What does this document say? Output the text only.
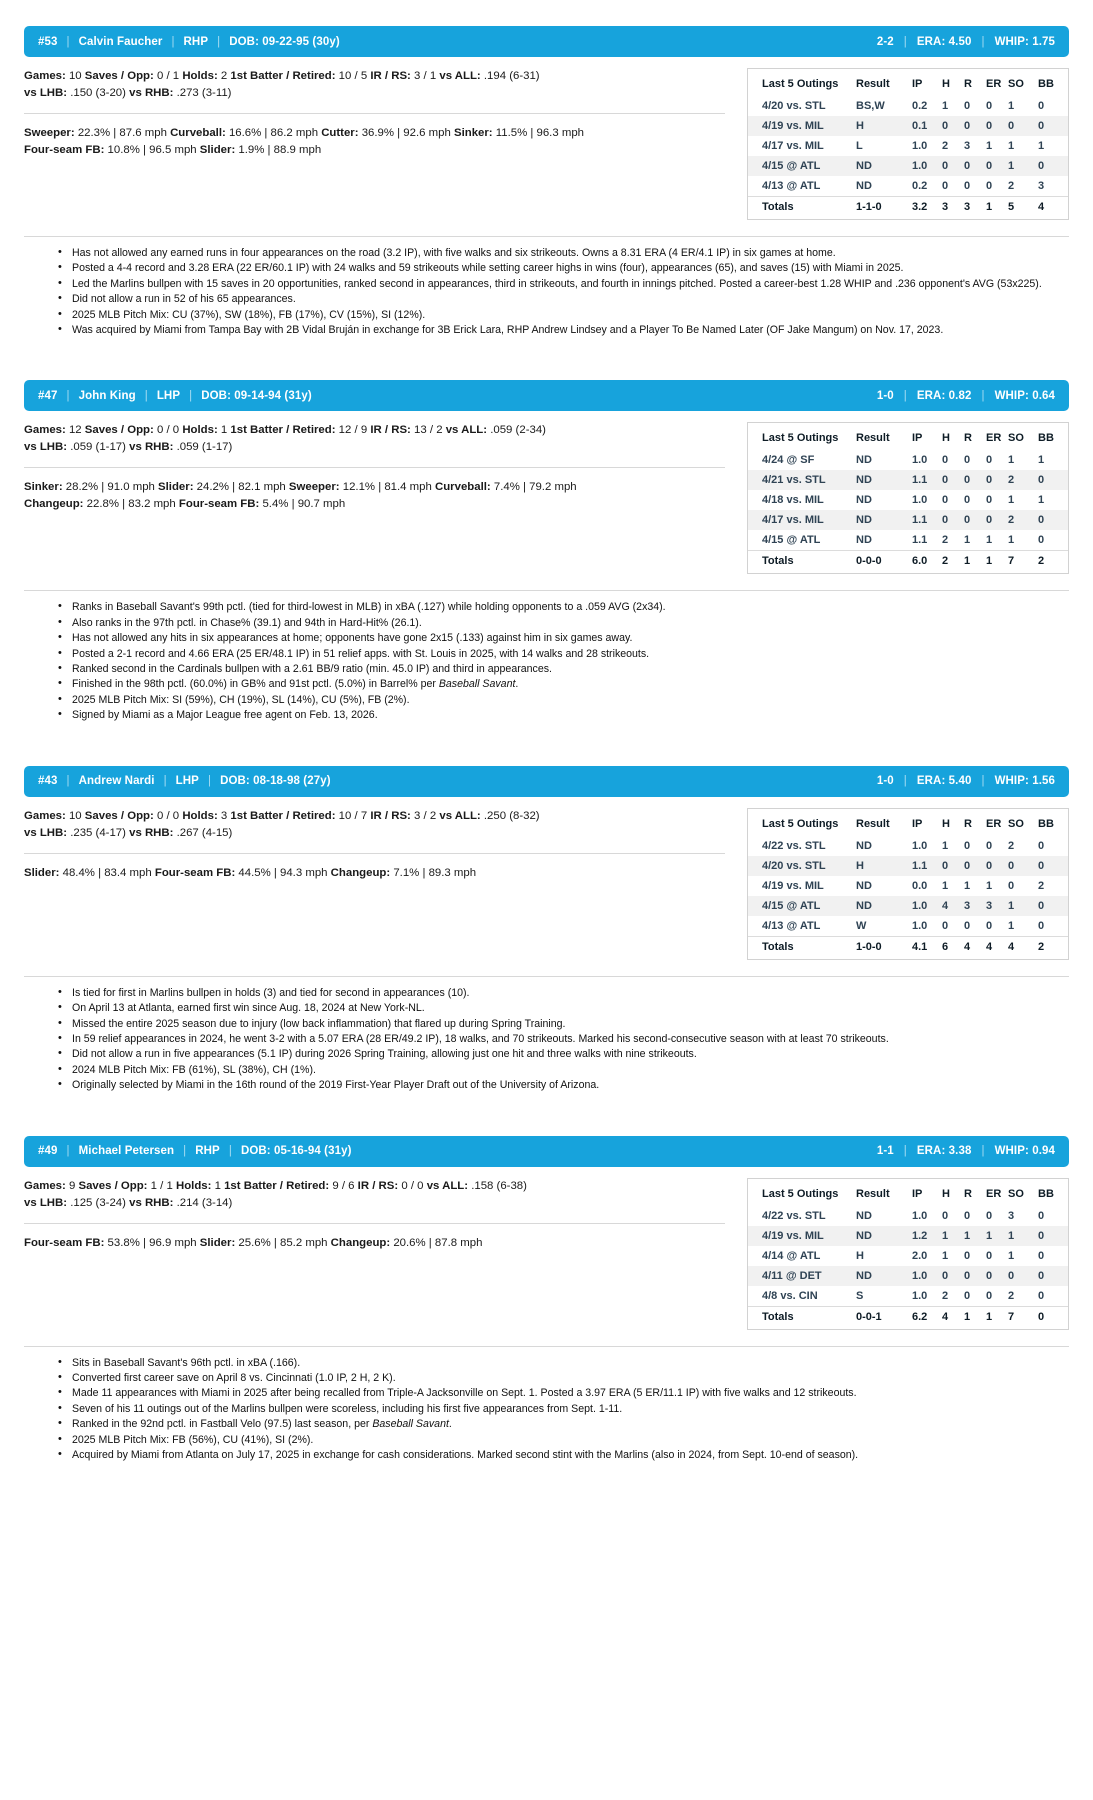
#53 | Calvin Faucher | RHP | DOB: 09-22-95 (30y)	2-2 | ERA: 4.50 | WHIP: 1.75
Games: 10 Saves / Opp: 0 / 1 Holds: 2 1st Batter / Retired: 10 / 5 IR / RS: 3 / 1 vs ALL: .194 (6-31)
vs LHB: .150 (3-20) vs RHB: .273 (3-11)
Sweeper: 22.3% | 87.6 mph Curveball: 16.6% | 86.2 mph Cutter: 36.9% | 92.6 mph Sinker: 11.5% | 96.3 mph
Four-seam FB: 10.8% | 96.5 mph Slider: 1.9% | 88.9 mph
Last 5 Outings	Result	IP	H	R	ER	SO	BB
4/20 vs. STL	BS,W	0.2	1	0	0	1	0
4/19 vs. MIL	H	0.1	0	0	0	0	0
4/17 vs. MIL	L	1.0	2	3	1	1	1
4/15 @ ATL	ND	1.0	0	0	0	1	0
4/13 @ ATL	ND	0.2	0	0	0	2	3
Totals	1-1-0	3.2	3	3	1	5	4
• Has not allowed any earned runs in four appearances on the road (3.2 IP), with five walks and six strikeouts. Owns a 8.31 ERA (4 ER/4.1 IP) in six games at home.
• Posted a 4-4 record and 3.28 ERA (22 ER/60.1 IP) with 24 walks and 59 strikeouts while setting career highs in wins (four), appearances (65), and saves (15) with Miami in 2025.
• Led the Marlins bullpen with 15 saves in 20 opportunities, ranked second in appearances, third in strikeouts, and fourth in innings pitched. Posted a career-best 1.28 WHIP and .236 opponent's AVG (53x225).
• Did not allow a run in 52 of his 65 appearances.
• 2025 MLB Pitch Mix: CU (37%), SW (18%), FB (17%), CV (15%), SI (12%).
• Was acquired by Miami from Tampa Bay with 2B Vidal Bruján in exchange for 3B Erick Lara, RHP Andrew Lindsey and a Player To Be Named Later (OF Jake Mangum) on Nov. 17, 2023.
#47 | John King | LHP | DOB: 09-14-94 (31y)	1-0 | ERA: 0.82 | WHIP: 0.64
Games: 12 Saves / Opp: 0 / 0 Holds: 1 1st Batter / Retired: 12 / 9 IR / RS: 13 / 2 vs ALL: .059 (2-34)
vs LHB: .059 (1-17) vs RHB: .059 (1-17)
Sinker: 28.2% | 91.0 mph Slider: 24.2% | 82.1 mph Sweeper: 12.1% | 81.4 mph Curveball: 7.4% | 79.2 mph
Changeup: 22.8% | 83.2 mph Four-seam FB: 5.4% | 90.7 mph
Last 5 Outings	Result	IP	H	R	ER	SO	BB
4/24 @ SF	ND	1.0	0	0	0	1	1
4/21 vs. STL	ND	1.1	0	0	0	2	0
4/18 vs. MIL	ND	1.0	0	0	0	1	1
4/17 vs. MIL	ND	1.1	0	0	0	2	0
4/15 @ ATL	ND	1.1	2	1	1	1	0
Totals	0-0-0	6.0	2	1	1	7	2
• Ranks in Baseball Savant's 99th pctl. (tied for third-lowest in MLB) in xBA (.127) while holding opponents to a .059 AVG (2x34).
• Also ranks in the 97th pctl. in Chase% (39.1) and 94th in Hard-Hit% (26.1).
• Has not allowed any hits in six appearances at home; opponents have gone 2x15 (.133) against him in six games away.
• Posted a 2-1 record and 4.66 ERA (25 ER/48.1 IP) in 51 relief apps. with St. Louis in 2025, with 14 walks and 28 strikeouts.
• Ranked second in the Cardinals bullpen with a 2.61 BB/9 ratio (min. 45.0 IP) and third in appearances.
• Finished in the 98th pctl. (60.0%) in GB% and 91st pctl. (5.0%) in Barrel% per Baseball Savant.
• 2025 MLB Pitch Mix: SI (59%), CH (19%), SL (14%), CU (5%), FB (2%).
• Signed by Miami as a Major League free agent on Feb. 13, 2026.
#43 | Andrew Nardi | LHP | DOB: 08-18-98 (27y)	1-0 | ERA: 5.40 | WHIP: 1.56
Games: 10 Saves / Opp: 0 / 0 Holds: 3 1st Batter / Retired: 10 / 7 IR / RS: 3 / 2 vs ALL: .250 (8-32)
vs LHB: .235 (4-17) vs RHB: .267 (4-15)
Slider: 48.4% | 83.4 mph Four-seam FB: 44.5% | 94.3 mph Changeup: 7.1% | 89.3 mph
Last 5 Outings	Result	IP	H	R	ER	SO	BB
4/22 vs. STL	ND	1.0	1	0	0	2	0
4/20 vs. STL	H	1.1	0	0	0	0	0
4/19 vs. MIL	ND	0.0	1	1	1	0	2
4/15 @ ATL	ND	1.0	4	3	3	1	0
4/13 @ ATL	W	1.0	0	0	0	1	0
Totals	1-0-0	4.1	6	4	4	4	2
• Is tied for first in Marlins bullpen in holds (3) and tied for second in appearances (10).
• On April 13 at Atlanta, earned first win since Aug. 18, 2024 at New York-NL.
• Missed the entire 2025 season due to injury (low back inflammation) that flared up during Spring Training.
• In 59 relief appearances in 2024, he went 3-2 with a 5.07 ERA (28 ER/49.2 IP), 18 walks, and 70 strikeouts. Marked his second-consecutive season with at least 70 strikeouts.
• Did not allow a run in five appearances (5.1 IP) during 2026 Spring Training, allowing just one hit and three walks with nine strikeouts.
• 2024 MLB Pitch Mix: FB (61%), SL (38%), CH (1%).
• Originally selected by Miami in the 16th round of the 2019 First-Year Player Draft out of the University of Arizona.
#49 | Michael Petersen | RHP | DOB: 05-16-94 (31y)	1-1 | ERA: 3.38 | WHIP: 0.94
Games: 9 Saves / Opp: 1 / 1 Holds: 1 1st Batter / Retired: 9 / 6 IR / RS: 0 / 0 vs ALL: .158 (6-38)
vs LHB: .125 (3-24) vs RHB: .214 (3-14)
Four-seam FB: 53.8% | 96.9 mph Slider: 25.6% | 85.2 mph Changeup: 20.6% | 87.8 mph
Last 5 Outings	Result	IP	H	R	ER	SO	BB
4/22 vs. STL	ND	1.0	0	0	0	3	0
4/19 vs. MIL	ND	1.2	1	1	1	1	0
4/14 @ ATL	H	2.0	1	0	0	1	0
4/11 @ DET	ND	1.0	0	0	0	0	0
4/8 vs. CIN	S	1.0	2	0	0	2	0
Totals	0-0-1	6.2	4	1	1	7	0
• Sits in Baseball Savant's 96th pctl. in xBA (.166).
• Converted first career save on April 8 vs. Cincinnati (1.0 IP, 2 H, 2 K).
• Made 11 appearances with Miami in 2025 after being recalled from Triple-A Jacksonville on Sept. 1. Posted a 3.97 ERA (5 ER/11.1 IP) with five walks and 12 strikeouts.
• Seven of his 11 outings out of the Marlins bullpen were scoreless, including his first five appearances from Sept. 1-11.
• Ranked in the 92nd pctl. in Fastball Velo (97.5) last season, per Baseball Savant.
• 2025 MLB Pitch Mix: FB (56%), CU (41%), SI (2%).
• Acquired by Miami from Atlanta on July 17, 2025 in exchange for cash considerations. Marked second stint with the Marlins (also in 2024, from Sept. 10-end of season).
